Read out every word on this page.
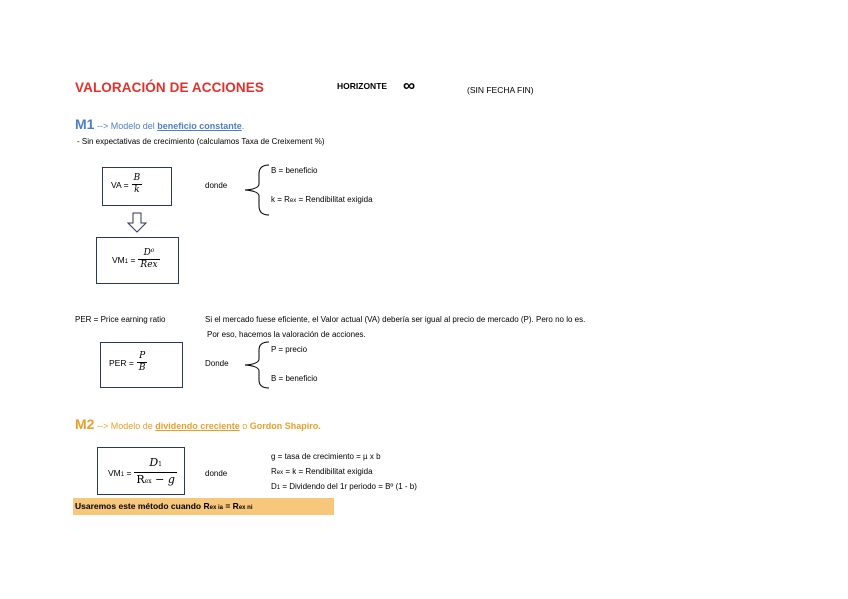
VALORACIÓN DE ACCIONES	HORIZONTE ∞	(SIN FECHA FIN)
M1 --> Modelo del beneficio constante.
- Sin expectativas de crecimiento (calculamos Taxa de Creixement %)
VA = $\frac{B}{k}$	donde
B = beneficio
k = Rex = Rendibilitat exigida
$VM1 = \frac{\text{D⁰}}{\text{Rex}}$
PER = Price earning ratio	Si el mercado fuese eficiente, el Valor actual (VA) debería ser igual al precio de mercado (P). Pero no lo es.
Por eso, hacemos la valoración de acciones.
PER = $\frac{P}{B}$	Donde
P = precio
B = beneficio
M2 --> Modelo de dividendo creciente o Gordon Shapiro.
$VM1 = \frac{D1}{\text{Rex − g}}$	donde
g = tasa de crecimiento = µ x b
Rex = k = Rendibilitat exigida
D1 = Dividendo del 1r periodo = Bº (1 - b)
Usaremos este método cuando Rex ia = Rex ni
